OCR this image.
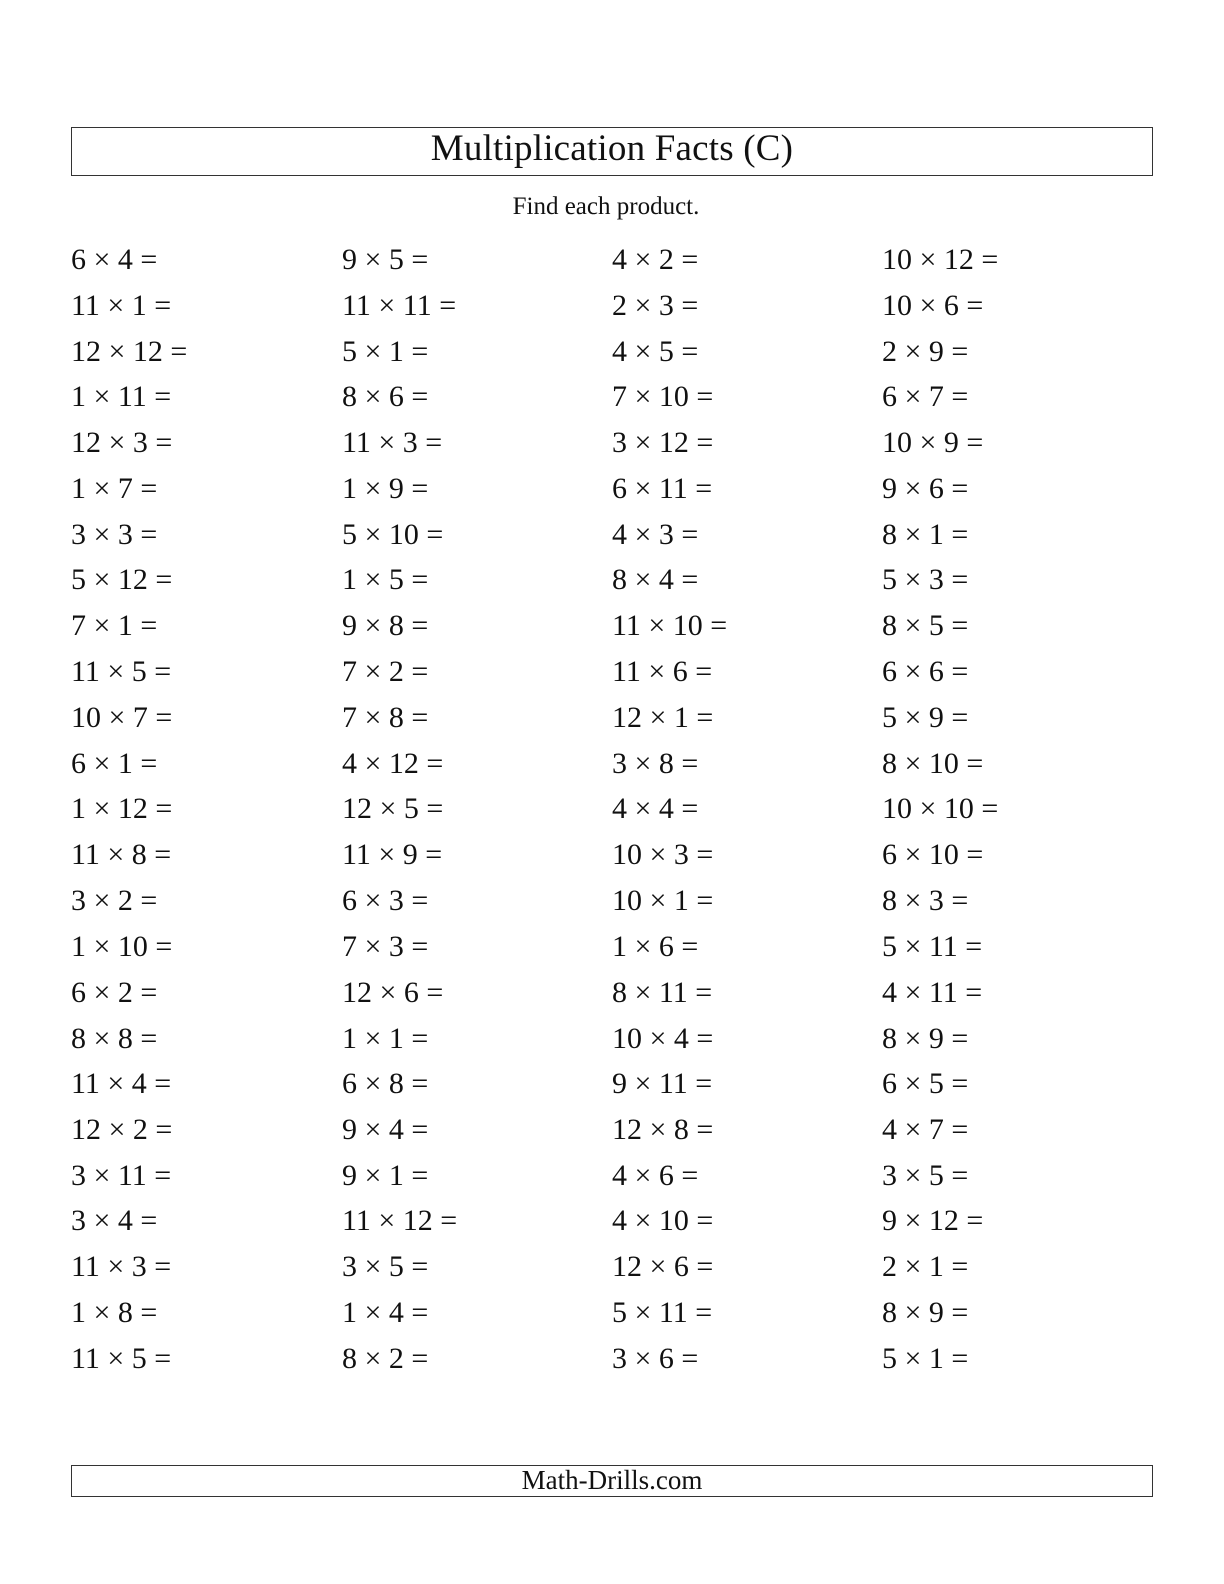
Multiplication Facts (C)
Find each product.
6 × 4 =
11 × 1 =
12 × 12 =
1 × 11 =
12 × 3 =
1 × 7 =
3 × 3 =
5 × 12 =
7 × 1 =
11 × 5 =
10 × 7 =
6 × 1 =
1 × 12 =
11 × 8 =
3 × 2 =
1 × 10 =
6 × 2 =
8 × 8 =
11 × 4 =
12 × 2 =
3 × 11 =
3 × 4 =
11 × 3 =
1 × 8 =
11 × 5 =
9 × 5 =
11 × 11 =
5 × 1 =
8 × 6 =
11 × 3 =
1 × 9 =
5 × 10 =
1 × 5 =
9 × 8 =
7 × 2 =
7 × 8 =
4 × 12 =
12 × 5 =
11 × 9 =
6 × 3 =
7 × 3 =
12 × 6 =
1 × 1 =
6 × 8 =
9 × 4 =
9 × 1 =
11 × 12 =
3 × 5 =
1 × 4 =
8 × 2 =
4 × 2 =
2 × 3 =
4 × 5 =
7 × 10 =
3 × 12 =
6 × 11 =
4 × 3 =
8 × 4 =
11 × 10 =
11 × 6 =
12 × 1 =
3 × 8 =
4 × 4 =
10 × 3 =
10 × 1 =
1 × 6 =
8 × 11 =
10 × 4 =
9 × 11 =
12 × 8 =
4 × 6 =
4 × 10 =
12 × 6 =
5 × 11 =
3 × 6 =
10 × 12 =
10 × 6 =
2 × 9 =
6 × 7 =
10 × 9 =
9 × 6 =
8 × 1 =
5 × 3 =
8 × 5 =
6 × 6 =
5 × 9 =
8 × 10 =
10 × 10 =
6 × 10 =
8 × 3 =
5 × 11 =
4 × 11 =
8 × 9 =
6 × 5 =
4 × 7 =
3 × 5 =
9 × 12 =
2 × 1 =
8 × 9 =
5 × 1 =
Math-Drills.com
